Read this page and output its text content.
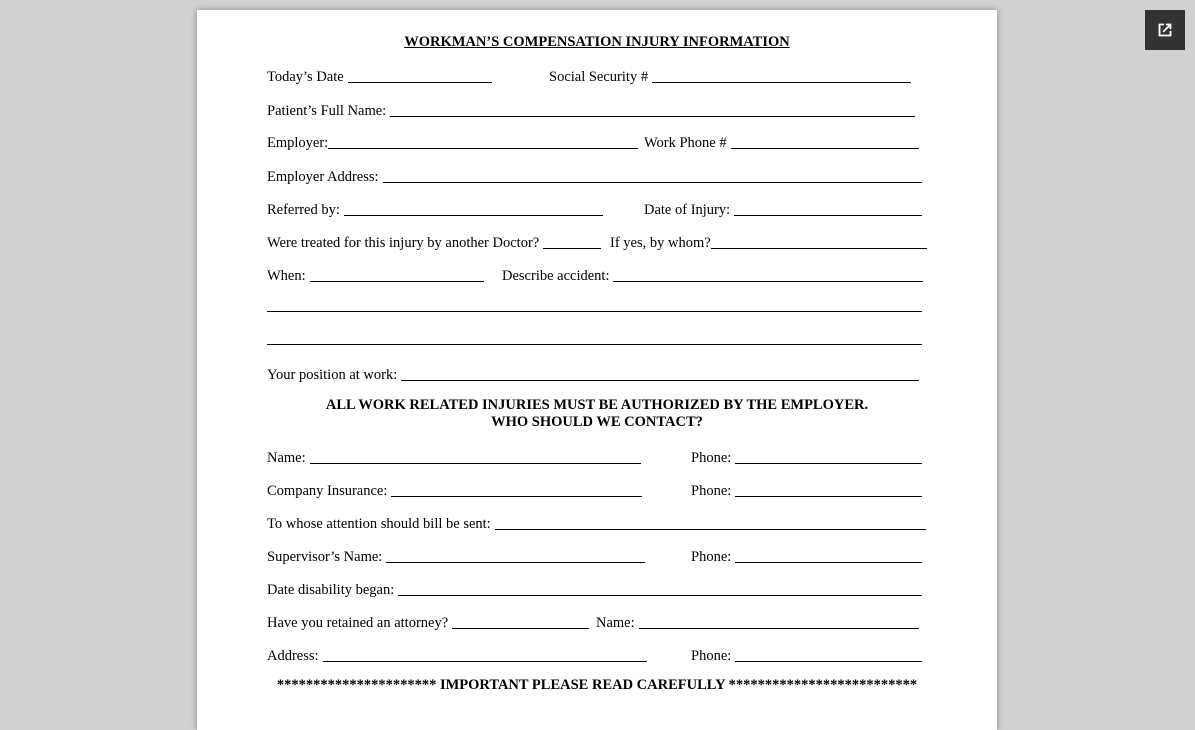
WORKMAN’S COMPENSATION INJURY INFORMATION
Today’s Date	Social Security #
Patient’s Full Name:
Employer:	Work Phone #
Employer Address:
Referred by:	Date of Injury:
Were treated for this injury by another Doctor?	If yes, by whom?
When:	Describe accident:
Your position at work:
ALL WORK RELATED INJURIES MUST BE AUTHORIZED BY THE EMPLOYER.
WHO SHOULD WE CONTACT?
Name:	Phone:
Company Insurance:	Phone:
To whose attention should bill be sent:
Supervisor’s Name:	Phone:
Date disability began:
Have you retained an attorney?	Name:
Address:	Phone:
********************** IMPORTANT PLEASE READ CAREFULLY **************************
